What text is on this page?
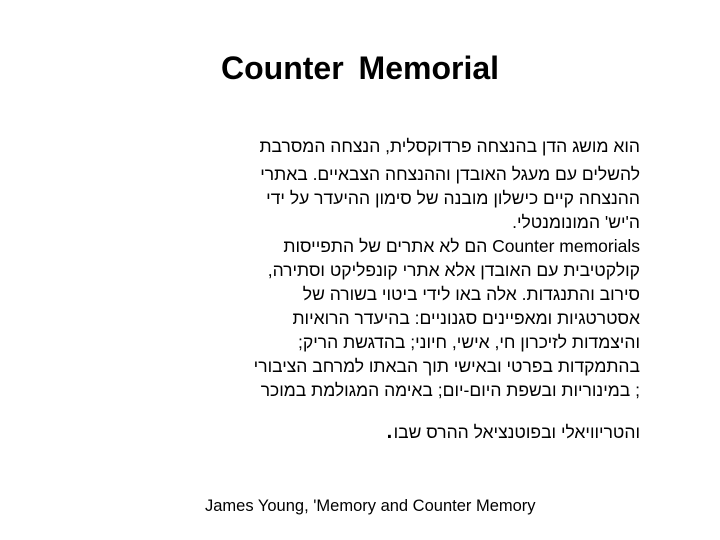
Counter Memorial
הוא מושג הדן בהנצחה פרדוקסלית, הנצחה המסרבת
להשלים עם מעגל האובדן וההנצחה הצבאיים. באתרי
ההנצחה קיים כישלון מובנה של סימון ההיעדר על ידי
ה'יש' המונומנטלי.
Counter memorials הם לא אתרים של התפייסות
קולקטיבית עם האובדן אלא אתרי קונפליקט וסתירה,
סירוב והתנגדות. אלה באו לידי ביטוי בשורה של
אסטרטגיות ומאפיינים סגנוניים: בהיעדר הרואיות
והיצמדות לזיכרון חי, אישי, חיוני; בהדגשת הריק;
בהתמקדות בפרטי ובאישי תוך הבאתו למרחב הציבורי
; במינוריות ובשפת היום-יום; באימה המגולמת במוכר
והטריוויאלי ובפוטנציאל ההרס שבו.
James Young, 'Memory and Counter Memory
